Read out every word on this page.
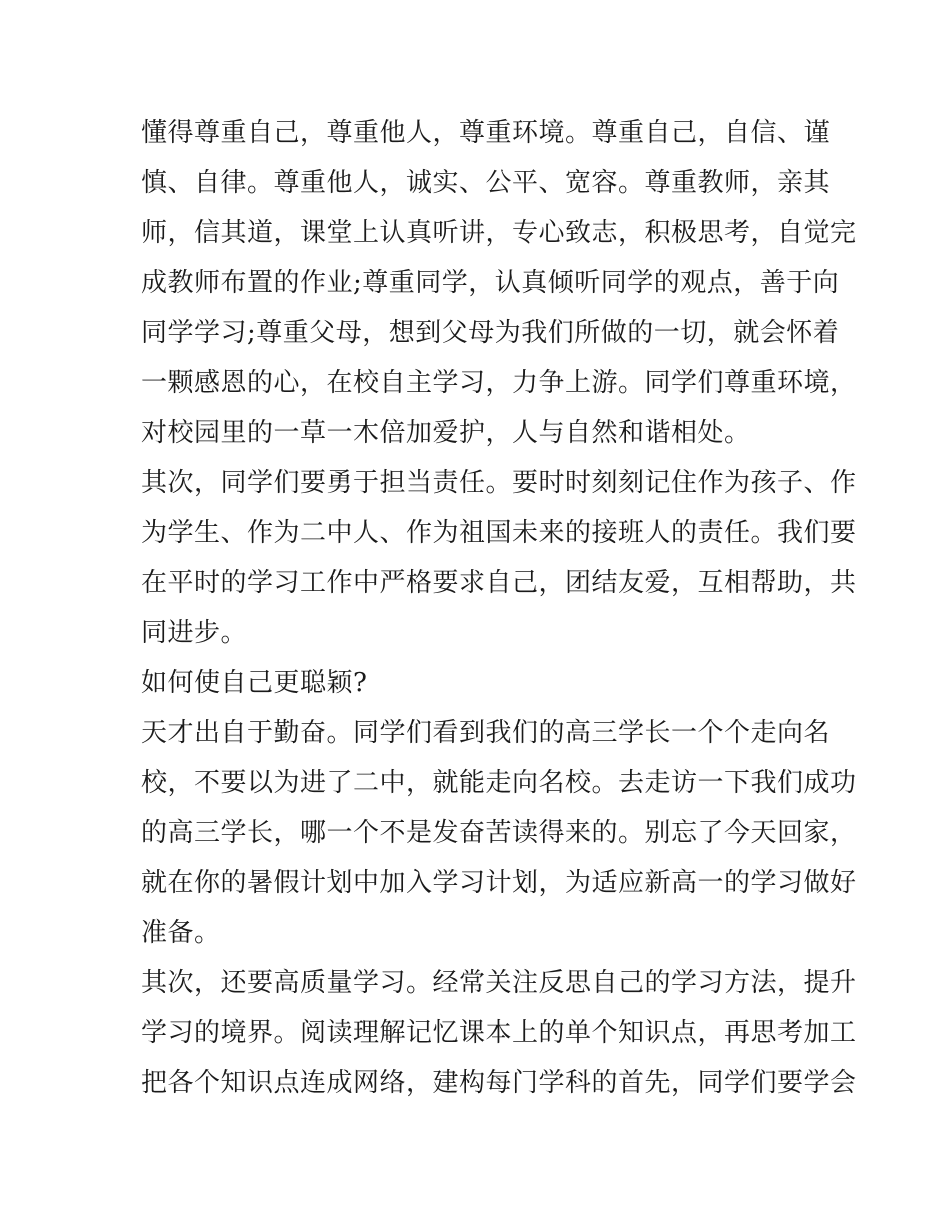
懂得尊重自己，尊重他人，尊重环境。尊重自己，自信、谨
慎、自律。尊重他人，诚实、公平、宽容。尊重教师，亲其
师，信其道，课堂上认真听讲，专心致志，积极思考，自觉完
成教师布置的作业;尊重同学，认真倾听同学的观点，善于向
同学学习;尊重父母，想到父母为我们所做的一切，就会怀着
一颗感恩的心，在校自主学习，力争上游。同学们尊重环境，
对校园里的一草一木倍加爱护，人与自然和谐相处。
其次，同学们要勇于担当责任。要时时刻刻记住作为孩子、作
为学生、作为二中人、作为祖国未来的接班人的责任。我们要
在平时的学习工作中严格要求自己，团结友爱，互相帮助，共
同进步。
如何使自己更聪颖?
天才出自于勤奋。同学们看到我们的高三学长一个个走向名
校，不要以为进了二中，就能走向名校。去走访一下我们成功
的高三学长，哪一个不是发奋苦读得来的。别忘了今天回家，
就在你的暑假计划中加入学习计划，为适应新高一的学习做好
准备。
其次，还要高质量学习。经常关注反思自己的学习方法，提升
学习的境界。阅读理解记忆课本上的单个知识点，再思考加工
把各个知识点连成网络，建构每门学科的首先，同学们要学会
